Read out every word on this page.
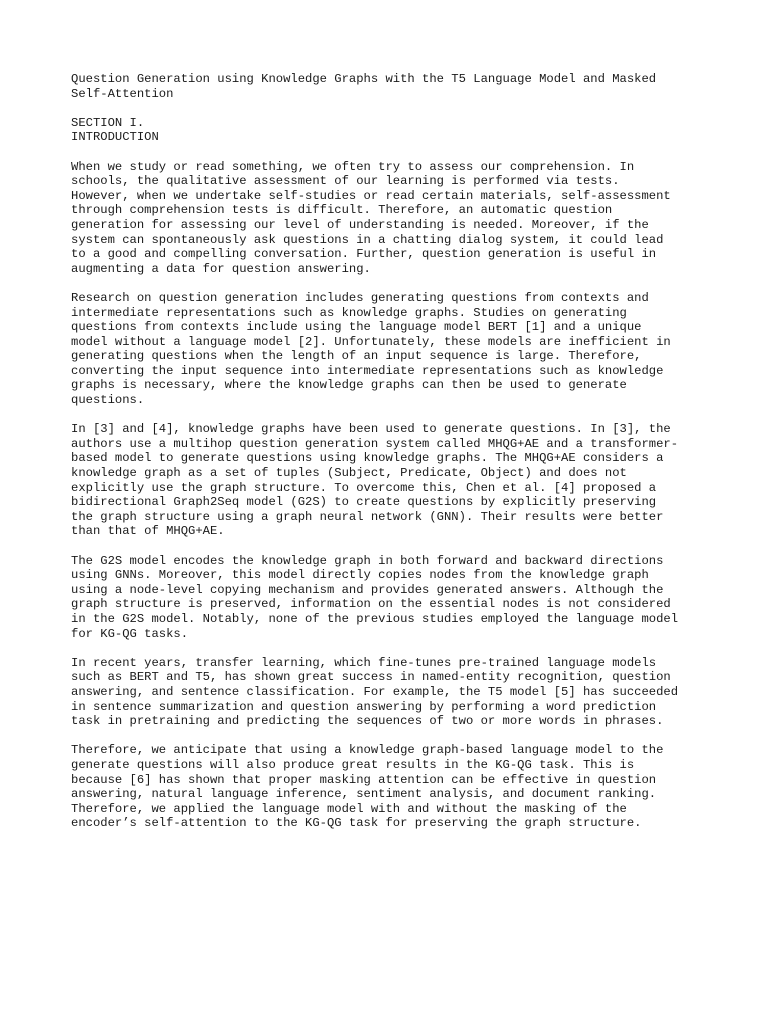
Question Generation using Knowledge Graphs with the T5 Language Model and Masked
Self-Attention
SECTION I.
INTRODUCTION

When we study or read something, we often try to assess our comprehension. In
schools, the qualitative assessment of our learning is performed via tests.
However, when we undertake self-studies or read certain materials, self-assessment
through comprehension tests is difficult. Therefore, an automatic question
generation for assessing our level of understanding is needed. Moreover, if the
system can spontaneously ask questions in a chatting dialog system, it could lead
to a good and compelling conversation. Further, question generation is useful in
augmenting a data for question answering.

Research on question generation includes generating questions from contexts and
intermediate representations such as knowledge graphs. Studies on generating
questions from contexts include using the language model BERT [1] and a unique
model without a language model [2]. Unfortunately, these models are inefficient in
generating questions when the length of an input sequence is large. Therefore,
converting the input sequence into intermediate representations such as knowledge
graphs is necessary, where the knowledge graphs can then be used to generate
questions.

In [3] and [4], knowledge graphs have been used to generate questions. In [3], the
authors use a multihop question generation system called MHQG+AE and a transformer-
based model to generate questions using knowledge graphs. The MHQG+AE considers a
knowledge graph as a set of tuples (Subject, Predicate, Object) and does not
explicitly use the graph structure. To overcome this, Chen et al. [4] proposed a
bidirectional Graph2Seq model (G2S) to create questions by explicitly preserving
the graph structure using a graph neural network (GNN). Their results were better
than that of MHQG+AE.

The G2S model encodes the knowledge graph in both forward and backward directions
using GNNs. Moreover, this model directly copies nodes from the knowledge graph
using a node-level copying mechanism and provides generated answers. Although the
graph structure is preserved, information on the essential nodes is not considered
in the G2S model. Notably, none of the previous studies employed the language model
for KG-QG tasks.

In recent years, transfer learning, which fine-tunes pre-trained language models
such as BERT and T5, has shown great success in named-entity recognition, question
answering, and sentence classification. For example, the T5 model [5] has succeeded
in sentence summarization and question answering by performing a word prediction
task in pretraining and predicting the sequences of two or more words in phrases.

Therefore, we anticipate that using a knowledge graph-based language model to the
generate questions will also produce great results in the KG-QG task. This is
because [6] has shown that proper masking attention can be effective in question
answering, natural language inference, sentiment analysis, and document ranking.
Therefore, we applied the language model with and without the masking of the
encoder’s self-attention to the KG-QG task for preserving the graph structure.
